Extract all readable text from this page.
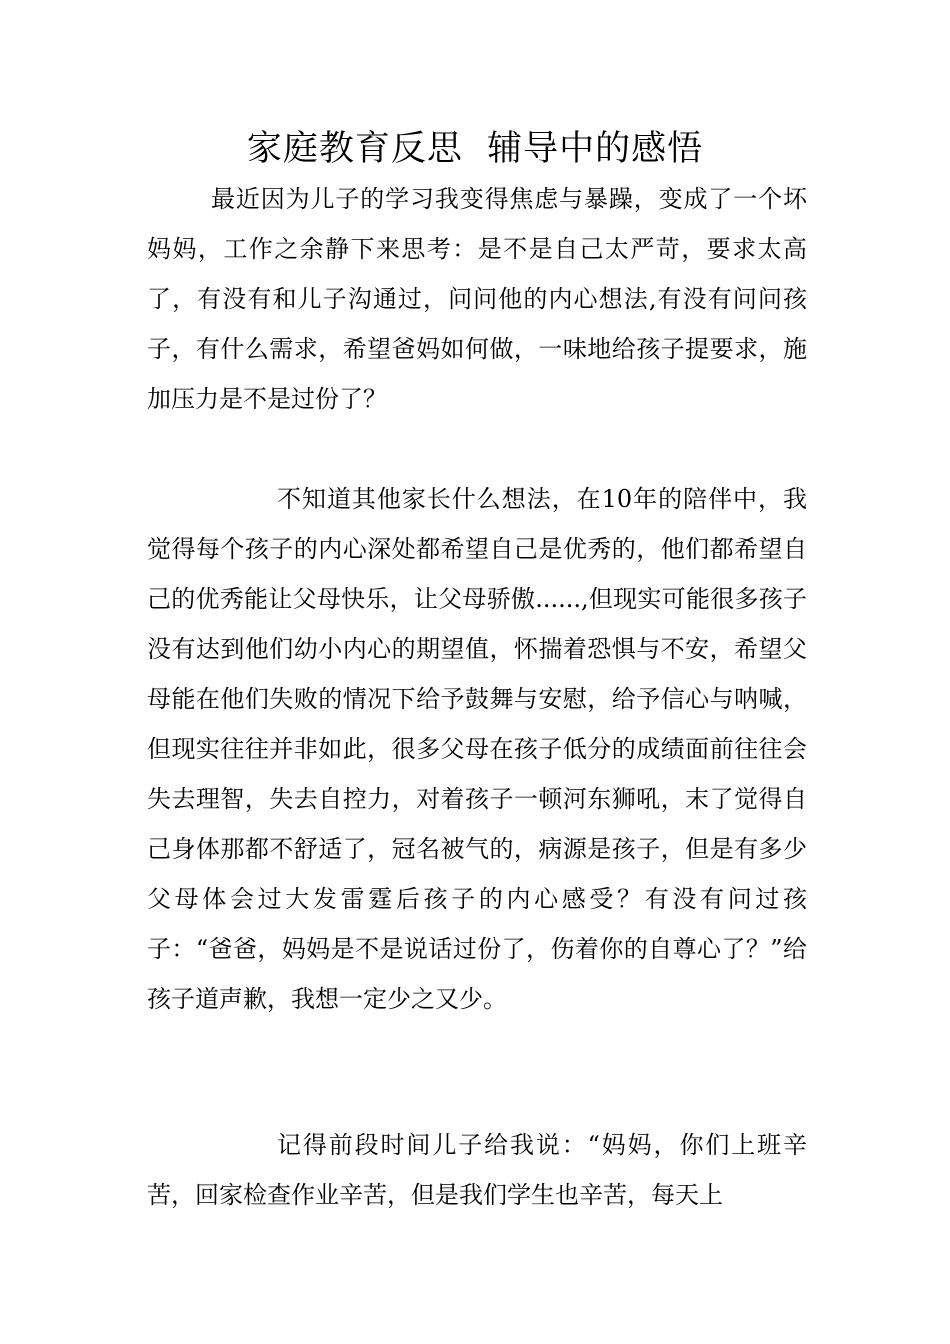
家庭教育反思  辅导中的感悟

最近因为儿子的学习我变得焦虑与暴躁，变成了一个坏妈妈，工作之余静下来思考：是不是自己太严苛，要求太高了，有没有和儿子沟通过，问问他的内心想法,有没有问问孩子，有什么需求，希望爸妈如何做，一味地给孩子提要求，施加压力是不是过份了？

不知道其他家长什么想法，在10年的陪伴中，我觉得每个孩子的内心深处都希望自己是优秀的，他们都希望自己的优秀能让父母快乐，让父母骄傲......,但现实可能很多孩子没有达到他们幼小内心的期望值，怀揣着恐惧与不安，希望父母能在他们失败的情况下给予鼓舞与安慰，给予信心与呐喊，但现实往往并非如此，很多父母在孩子低分的成绩面前往往会失去理智，失去自控力，对着孩子一顿河东狮吼，末了觉得自己身体那都不舒适了，冠名被气的，病源是孩子，但是有多少父母体会过大发雷霆后孩子的内心感受？有没有问过孩子：“爸爸，妈妈是不是说话过份了，伤着你的自尊心了？”给孩子道声歉，我想一定少之又少。

记得前段时间儿子给我说：“妈妈，你们上班辛苦，回家检查作业辛苦，但是我们学生也辛苦，每天上
